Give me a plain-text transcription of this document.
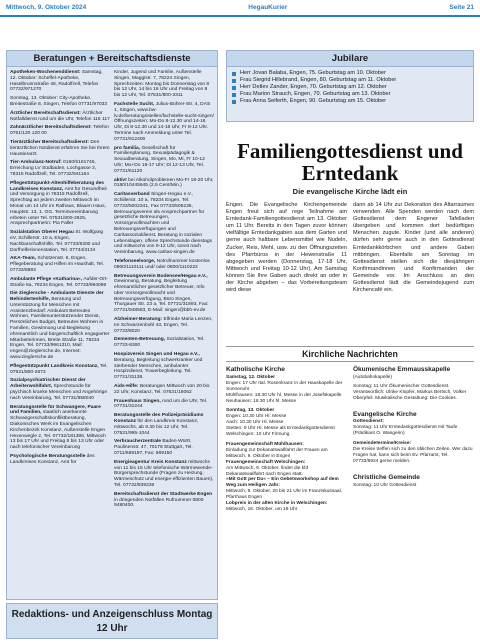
Mittwoch, 9. Oktober 2024	HegauKurier	Seite 21
Beratungen + Bereitschaftsdienste

Apotheken-Wochenenddienst: Samstag, 12. Oktober: Scheffel-Apotheke, Haselbrunnstraße 48, Radolfzell, Telefon 07732/971270

Sonntag, 13. Oktober: City-Apotheke, Breitestraße 8, Singen, Telefon 07731/97033

Ärztlicher Bereitschaftsdienst: Ärztlicher Notfalldienst rund um die Uhr, Telefon 116 117

Zahnärztlicher Bereitschaftsdienst: Telefon 0761/120 120 00

Tierärztlicher Bereitschaftsdienst: Den tierärztlichen Notdienst erfahren Sie bei Ihrem Haustierarzt.

Tier-Ambulanz-Notruf: 0160/5181745, Erreichung LV Südbaden, Lochgasse 3, 78315 Radolfzell, Tel. 07732/941164

Pflegestützpunkt-Altenhilfeberatung des Landkreises Konstanz, Amt für Gesundheit und Versorgung in 78315 Radolfzell, Sprechtag an jedem zweiten Mittwoch im Monat um 14 Uhr im Rathaus, Blauen Haus, Hauptstr. 13, 1. OG. Terminvereinbarung erbeten unter Tel. 07531/800-2625, Ansprechpartnerin: Pia Faller

Sozialstation Oberer Hegau St. Wolfgang eV, Schillerstr. 10 a, Engen, Nachbarschaftshilfe, Tel. 07733/8300 und Dorfhelferinnenstation, Tel. 07734/3134

AKA-Team, Schützenstr. 6, Engen, Pflegeberatung und Hilfen im Haushalt, Tel. 07733/6893

Ambulante Pflege »Katharina«, Aufder-Ort-Straße 8a, 78234 Engen, Tel. 07733/994096

Die Zieglersche - Ambulante Dienste der Behindertenhilfe, Beratung und Unterstützung für Menschen mit Assistenzbedarf: Ambulant Betreutes Wohnen, Familienunterstützender Dienst, Persönliches Budget, Betreutes Wohnen in Familien, Gewinnung und Begleitung ehrenamtlich und bürgerschaftlich engagierter Mitarbeiterinnen, Breite Straße 11, 78234 Engen, Tel. 07733/9961310, Mail: engen@zieglersche.de, Internet: www.zieglersche.de

Pflegestützpunkt Landkreis Konstanz, Tel. 07531/800-2673

Sozialpsychiatrischer Dienst der Arbeiterwohlfahrt, Sprechstunde für psychisch kranke Menschen und Angehörige nach Vereinbarung, Tel. 07731/958040

Beratungsstelle für Schwangere, Paare und Familien, staatlich anerkannte Schwangerschaftskonfliktberatung, Diakonisches Werk im Evangelischen Kirchenbezirk Konstanz, Außenstelle Engen Hexenwegle 2, Tel. 07732/181385, Mittwoch 13 bis 17 Uhr und Freitag 8 bis 13 Uhr oder nach telefonischer Vereinbarung

Psychologische Beratungsstelle des Landkreises Konstanz, Amt für

Kinder, Jugend und Familie, Außenstelle Singen, Maggistr. 7, 78224 Singen, Sprechzeiten: Montag bis Donnerstag von 8 bis 12 Uhr, 14 bis 16 Uhr und Freitag von 8 bis 12 Uhr, Tel. 07531/800-3311

Fachstelle Sucht, Julius-Bührer-Str. 4, DAS 1, Singen, www.bw-lv.de/beratungsstellen/fachstelle-sucht-singen/ Öffnungszeiten: Mo-Do 8-12.30 und 14-16 Uhr, Di 8-12.30 und 14-18 Uhr, Fr 8-12 Uhr. Termine nach Ammeldung unter Tel. 07731/912400

pro familia, Gesellschaft für Familienplanung, Sexualpädagogik & Sexualberatung, Singen, Mo, Mi, Fr 10-12 Uhr; Mo+Do 16-17 Uhr; Di 12-13 Uhr, Tel. 07731/61120

aktiv! bei Alkoholproblemen Mo-Fr 18-20 Uhr, 0180/10445645 (2,5 Cent/Min.)

Caritasverband Singen-Hegau e.V., Schillerstr. 10 a, 78234 Engen, Tel. 07733/5002341, Fax 07733/505235, Betreuungsverein als Ansprechpartner für gesetzliche Betreuungen, Vorsorgevollmachten und Betreuungsverfügungen und Caritassozialdienst, Beratung in sozialen Lebenslagen, offene Sprechstunde dienstags und mittwochs von 9-12 Uhr, sonst nach Vereinbarung, www.caritas-singen.de

Telefonseelsorge, Notrufnummer kostenlos 0800/1110111 und/ oder 0800/1110222

Betreuungsverein Bodensee/Hegau e.V., Gewinnung, Beratung, Begleitung ehrenamtlicher gesetzlicher Betreuer, Info über Vorsorgevollmacht und Betreuungsverfügung, Büro Singen, Thurgauer Str. 23 a, Tel. 07731/31893, Fax: 07731/948583, E-Mail: singen@bbh-ev.de

Alzheimer-Beratung: Elfriede Maria Lenzen, Im Schwarzenbohl 43, Engen, Tel. 07733/8020

Dementen-Betreuung, Sozialstation, Tel. 07733-8300

Hospizverein Singen und Hegau e.V., Beratung, Begleitung schwerkranker und sterbender Menschen, ambulanter Hospizdienst, Trauerbegleitung. Tel. 07731/31138.

Aids-Hilfe: Beratungen Mittwoch von 20 bis 22 Uhr, Konstanz, Tel. 07531/16062

Frauenhaus Singen, rund um die Uhr, Tel. 07731/31244

Beratungsstelle des Polizeipräsidiums Konstanz für den Landkreis Konstanz, mittwochs, ab 9.30 bis 12 Uhr, Tel. 07531/995-1044

Verbraucherzentrale Baden-Württ. Paulinenstr. 47, 70178 Stuttgart, Tel. 0711/669197, Fax: 669150

Energieagentur Kreis Konstanz mittwochs von 11 bis 15 Uhr telefonische Wärmewende-Bürgersprechstunde (Fragen zu Heizung, Wärmeschutz und energie-effizienten Bauen), Tel. 07732/939236

Bereitschaftsdienst der Stadtwerke Engen in dringenden Notfällen Rufnummer 0800 9480400.

Redaktions- und Anzeigenschluss Montag 12 Uhr
Jubilare
Herr Jovan Balaba, Engen, 75. Geburtstag am 10. Oktober
Frau Siegrid Hillebrand, Engen, 80. Geburtstag am 11. Oktober
Herr Detlev Zander, Engen, 70. Geburtstag am 12. Oktober
Frau Marion Strauch, Engen, 70. Geburtstag am 13. Oktober
Frau Anna Seiferth, Engen, 90. Geburtstag am 15. Oktober
Familiengottesdienst und Erntedank
Die evangelische Kirche lädt ein
Engen. Die Evangelische Kirchengemeinde Engen freut sich auf rege Teilnahme am Erntedank-Familiengottesdienst am 13. Oktober um 11 Uhr. Bereits in den Tagen zuvor können vielfältige Erntedankgaben aus dem Garten und gerne auch haltbare Lebensmittel wie Nudeln, Zucker, Reis, Mehl, usw. zu den Öffnungszeiten des Pfarrbüros in der Hewenstraße 11 abgegeben werden (Donnerstag, 17-18 Uhr, Mittwoch und Freitag 10-12 Uhr). Am Samstag können Sie Ihre Gaben auch direkt an oder in der Kirche abgeben – das Vorbereitungsteam wird diese
dann ab 14 Uhr zur Dekoration des Altarraumes verwenden. Alle Spenden werden nach dem Gottesdienst dem Engener Tafelladen übergeben und kommen dort bedürftigen Menschen zugute. Kinder (und alle anderen) dürfen sehr gerne auch in den Gottesdienst Erntedankkörbchen und andere Gaben mitbringen. Ebenfalls am Sonntag im Gottesdienst stellen sich die diesjährigen Konfirmandinnen und Konfirmanden der Gemeinde vor. Im Anschluss an den Gottesdienst lädt die Gemeindejugend zum Kirchencafé ein.
Kirchliche Nachrichten
Katholische Kirche
Samstag, 12. Oktober
Engen: 17 Uhr Ital. Rosenkranz in der Hauskapelle der Sonnenuhr
Mühlhausen: 18.30 Uhr hl. Messe in der Josefskapelle
Neuhausen: 18.30 Uhr hl. Messe
Sonntag, 13. Oktober
Engen: 10.30 Uhr Hl. Messe
Aach: 10.30 Uhr Hl. Messe
Stetten: 9 Uhr Hl. Messe als Erntedankgottesdienst
Welschingen: 10 Uhr Firmung
Frauengemeinschaft Mühlhausen:
Einladung zur Dekanatswallfahrt der Frauen am Mittwoch, 9. Oktober in Engen
Frauengemeinschaft Welschingen:
Am Mittwoch, 9. Oktober, findet die kfd Dekanatswallfahrt nach Engen statt.
»Mit Gott per Du« – Ein Gebetsworkshop auf dem Weg zum Heiligen Jahr:
Mittwoch, 9. Oktober, 20 bis 21 Uhr im Franziskussaal, Pfarrhaus Engen
Lobpreis in der alten Kirche in Welschingen:
Mittwoch, 16. Oktober, um 19 Uhr
Ökumenische Emmausskapelle
(Autobahnkapelle)
Sonntag: 11 Uhr Ökumenischer Gottesdienst. Verantwortlich: Ulrike Klopfer, Markus Bertsch, Volker Oberpfeil. Musikalische Gestaltung: Die Cookies.
Evangelische Kirche
Gottesdienst:
Sonntag: 11 Uhr Erntedankgottesdienst mit Taufe (Prädikant O. Wangerin)
Gemeindetermine/Kreise:
Die Kreise treffen sich zu den üblichen Zeiten. Wer dazu Fragen hat, kann sich beim Ev. Pfarramt, Tel. 07733/8924 gerne melden.
Christliche Gemeinde
Sonntag: 10 Uhr Gottesdienst
